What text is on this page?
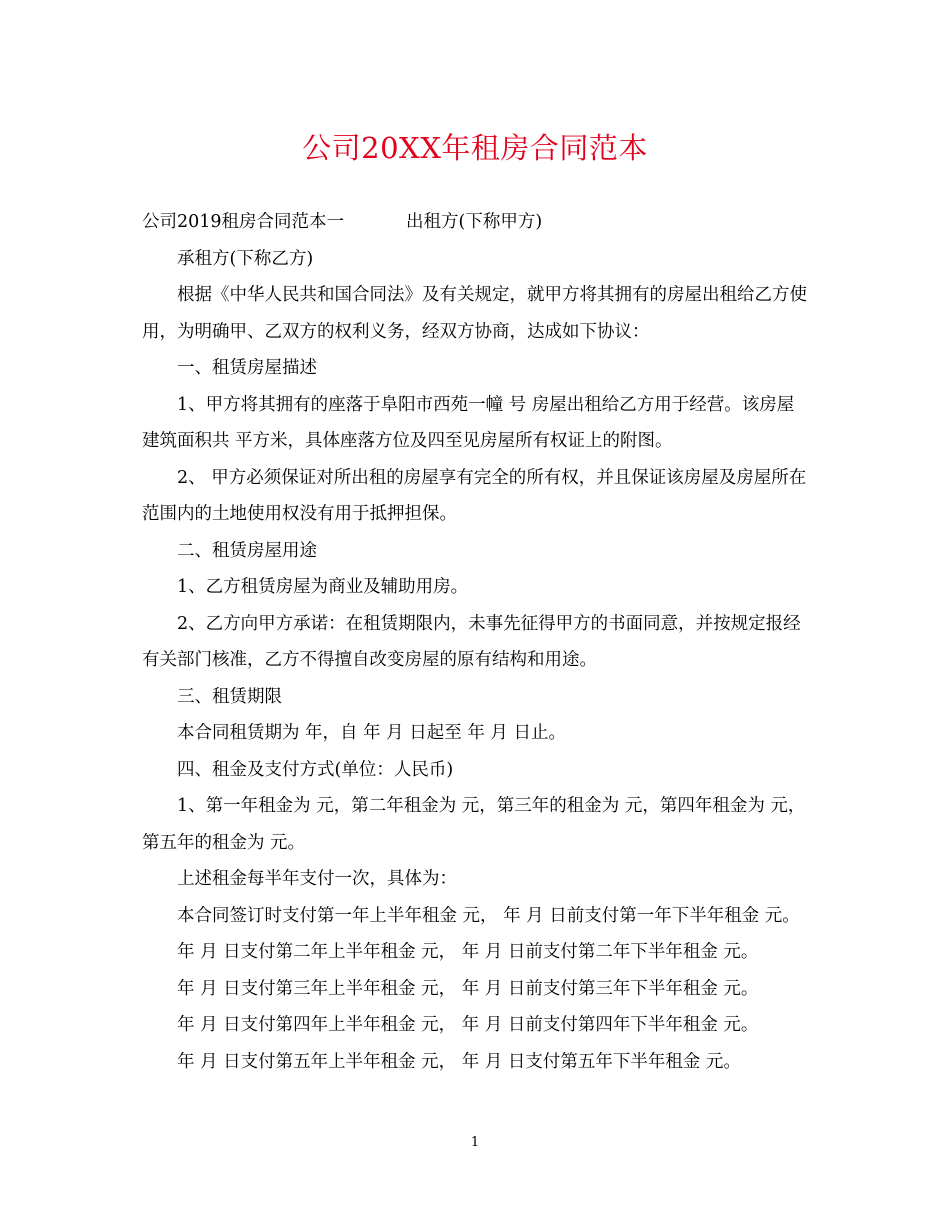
公司20XX年租房合同范本

公司2019租房合同范本一	出租方(下称甲方)

承租方(下称乙方)

根据《中华人民共和国合同法》及有关规定，就甲方将其拥有的房屋出租给乙方使用，为明确甲、乙双方的权利义务，经双方协商，达成如下协议：

一、租赁房屋描述

1、甲方将其拥有的座落于阜阳市西苑一幢 号 房屋出租给乙方用于经营。该房屋建筑面积共 平方米，具体座落方位及四至见房屋所有权证上的附图。

2、 甲方必须保证对所出租的房屋享有完全的所有权，并且保证该房屋及房屋所在范围内的土地使用权没有用于抵押担保。

二、租赁房屋用途

1、乙方租赁房屋为商业及辅助用房。

2、乙方向甲方承诺：在租赁期限内，未事先征得甲方的书面同意，并按规定报经有关部门核准，乙方不得擅自改变房屋的原有结构和用途。

三、租赁期限

本合同租赁期为 年，自 年 月 日起至 年 月 日止。

四、租金及支付方式(单位：人民币)

1、第一年租金为 元，第二年租金为 元，第三年的租金为 元，第四年租金为 元，第五年的租金为 元。

上述租金每半年支付一次，具体为：

本合同签订时支付第一年上半年租金 元， 年 月 日前支付第一年下半年租金 元。

年 月 日支付第二年上半年租金 元， 年 月 日前支付第二年下半年租金 元。

年 月 日支付第三年上半年租金 元， 年 月 日前支付第三年下半年租金 元。

年 月 日支付第四年上半年租金 元， 年 月 日前支付第四年下半年租金 元。

年 月 日支付第五年上半年租金 元， 年 月 日支付第五年下半年租金 元。

1
